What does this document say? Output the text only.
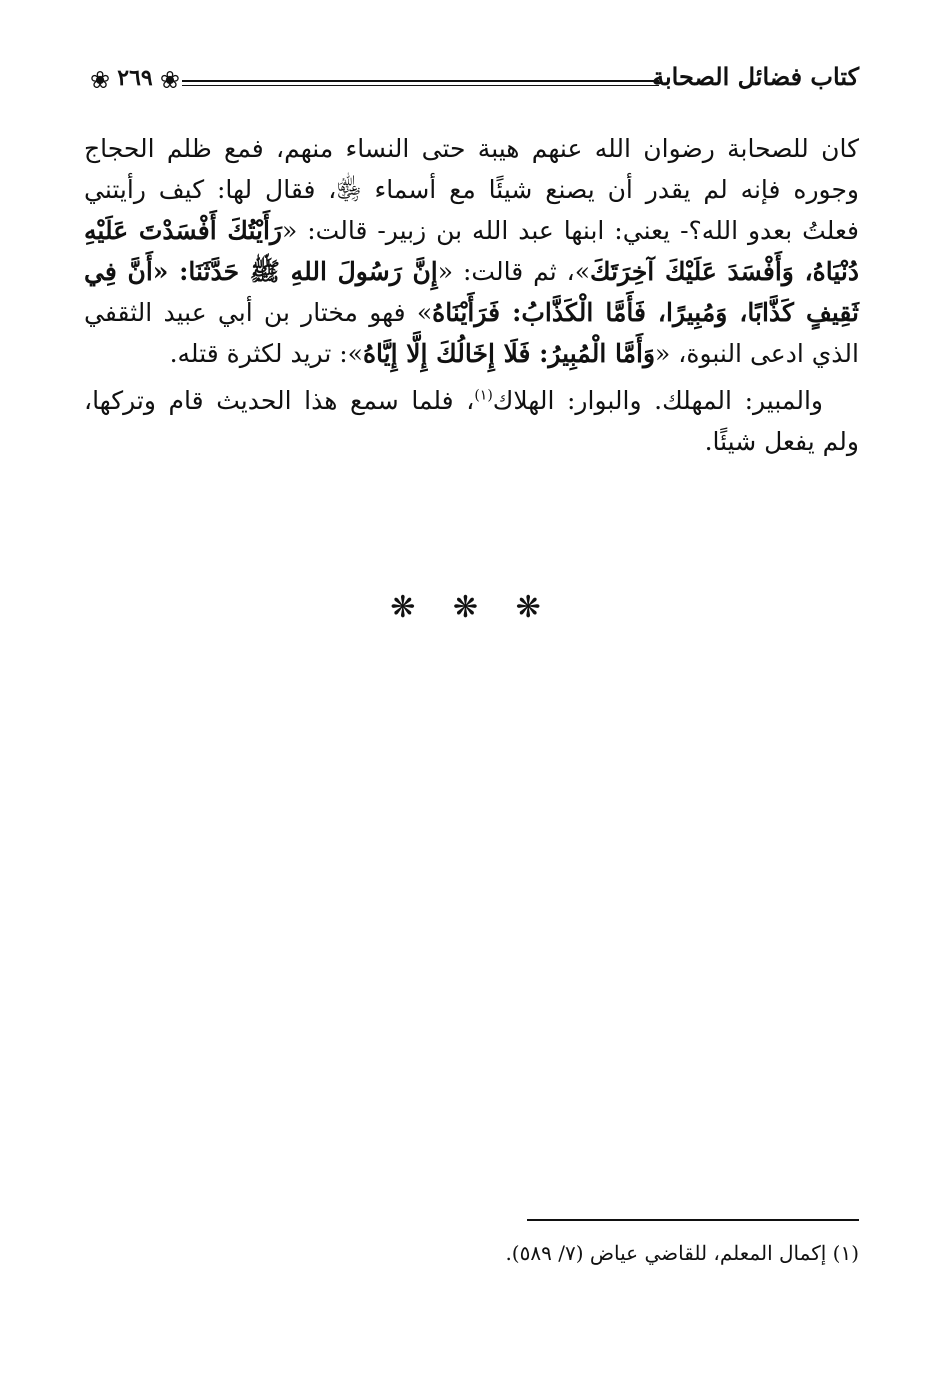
كتاب فضائل الصحابة
❀ ٢٦٩ ❀

كان للصحابة رضوان الله عنهم هيبة حتى النساء منهم، فمع ظلم الحجاج وجوره فإنه لم يقدر أن يصنع شيئًا مع أسماء ﵂، فقال لها: كيف رأيتني فعلتُ بعدو الله؟- يعني: ابنها عبد الله بن زبير- قالت: «رَأَيْتُكَ أَفْسَدْتَ عَلَيْهِ دُنْيَاهُ، وَأَفْسَدَ عَلَيْكَ آخِرَتَكَ»، ثم قالت: «إِنَّ رَسُولَ اللهِ ﷺ حَدَّثَنَا: «أَنَّ فِي ثَقِيفٍ كَذَّابًا، وَمُبِيرًا، فَأَمَّا الْكَذَّابُ: فَرَأَيْنَاهُ» فهو مختار بن أبي عبيد الثقفي الذي ادعى النبوة، «وَأَمَّا الْمُبِيرُ: فَلَا إِخَالُكَ إِلَّا إِيَّاهُ»: تريد لكثرة قتله.

والمبير: المهلك. والبوار: الهلاك$^{(١)}$، فلما سمع هذا الحديث قام وتركها، ولم يفعل شيئًا.

❋ ❋ ❋
(١) إكمال المعلم، للقاضي عياض (٧/ ٥٨٩).
